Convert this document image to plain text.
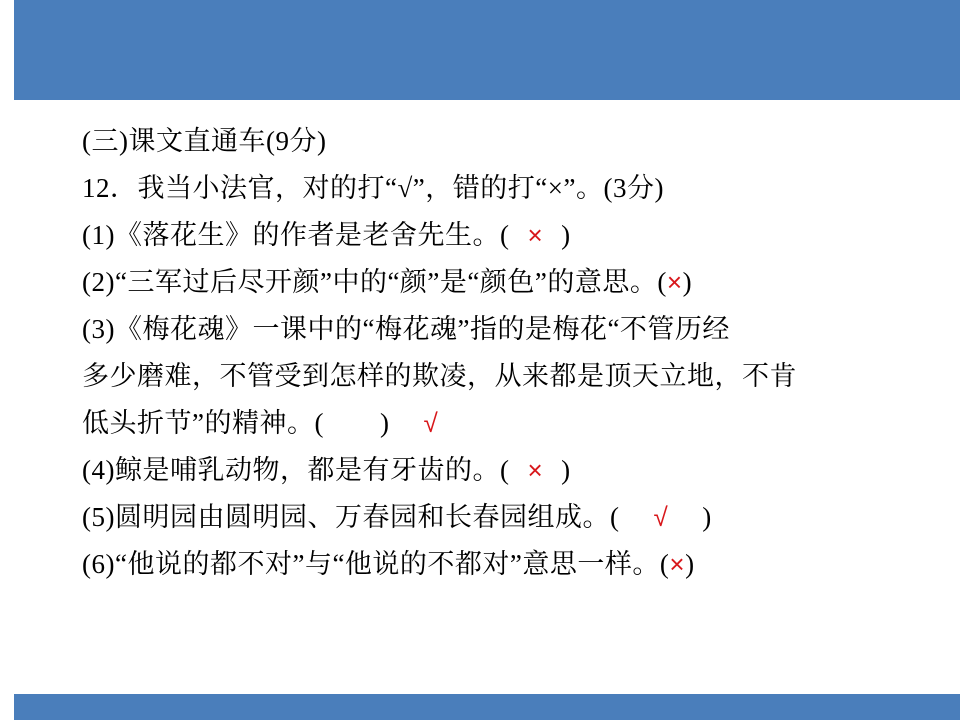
(三)课文直通车(9分)
12．我当小法官，对的打“√”，错的打“×”。(3分)
(1)《落花生》的作者是老舍先生。( × )
(2)“三军过后尽开颜”中的“颜”是“颜色”的意思。(×)
(3)《梅花魂》一课中的“梅花魂”指的是梅花“不管历经
多少磨难，不管受到怎样的欺凌，从来都是顶天立地，不肯
低头折节”的精神。( ) √
(4)鲸是哺乳动物，都是有牙齿的。( × )
(5)圆明园由圆明园、万春园和长春园组成。( √ )
(6)“他说的都不对”与“他说的不都对”意思一样。(×)
